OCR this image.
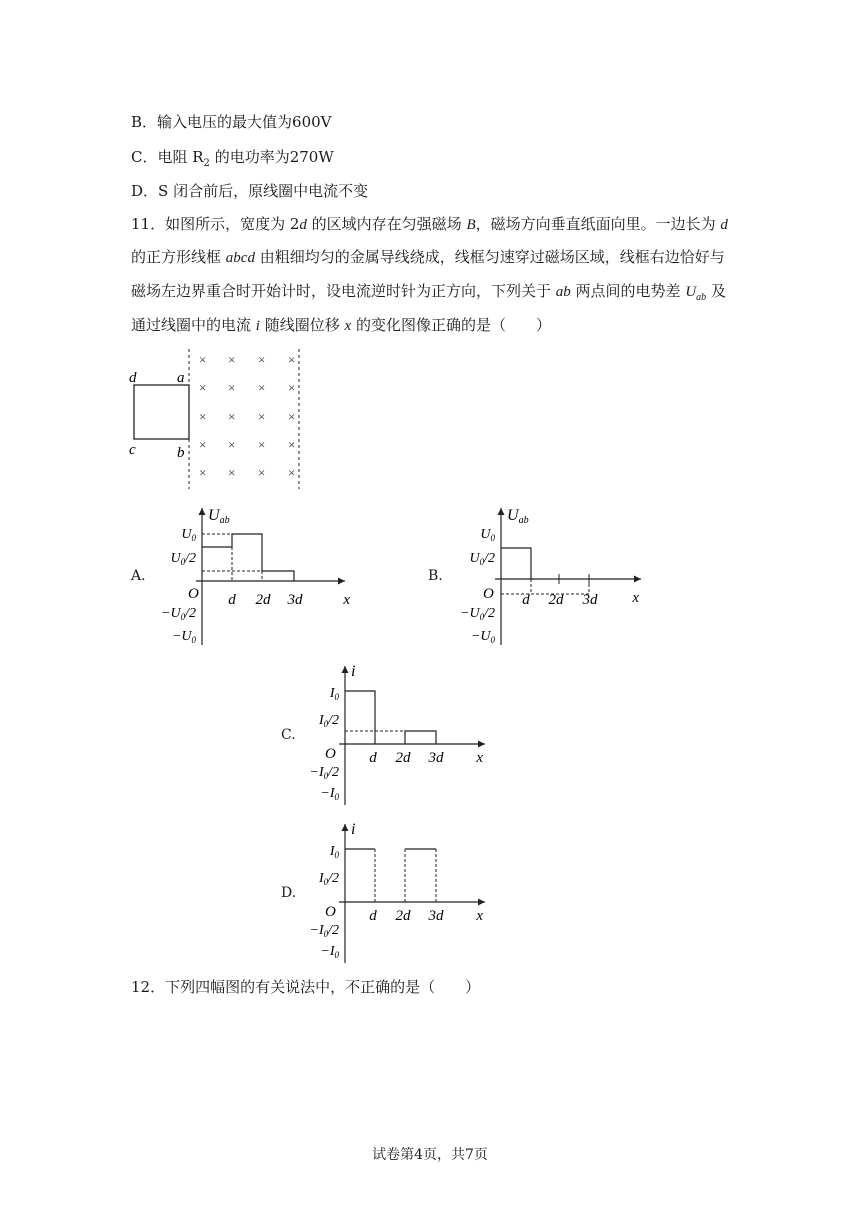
B．输入电压的最大值为600V
C．电阻 $R_2$ 的电功率为270W
D．S 闭合前后，原线圈中电流不变
11．如图所示，宽度为 2d 的区域内存在匀强磁场 B，磁场方向垂直纸面向里。一边长为 d
的正方形线框 abcd 由粗细均匀的金属导线绕成，线框匀速穿过磁场区域，线框右边恰好与
磁场左边界重合时开始计时，设电流逆时针为正方向，下列关于 ab 两点间的电势差 $U_{ab}$ 及
通过线圈中的电流 i 随线圈位移 x 的变化图像正确的是（　　）
d	a
c	b
× × × ×
× × × ×
× × × ×
× × × ×
× × × ×
A.	B.
C.
D.
Uab
x
O
$U_0$
$U_0/2$
$-U_0/2$
$-U_0$
d 2d 3d
Uab
x
O
$U_0$
$U_0/2$
$-U_0/2$
$-U_0$
d 2d 3d
i
x
O
$I_0$
$I_0/2$
$-I_0/2$
$-I_0$
d 2d 3d
i
x
O
$I_0$
$I_0/2$
$-I_0/2$
$-I_0$
d 2d 3d
12．下列四幅图的有关说法中，不正确的是（　　）
试卷第4页，共7页
